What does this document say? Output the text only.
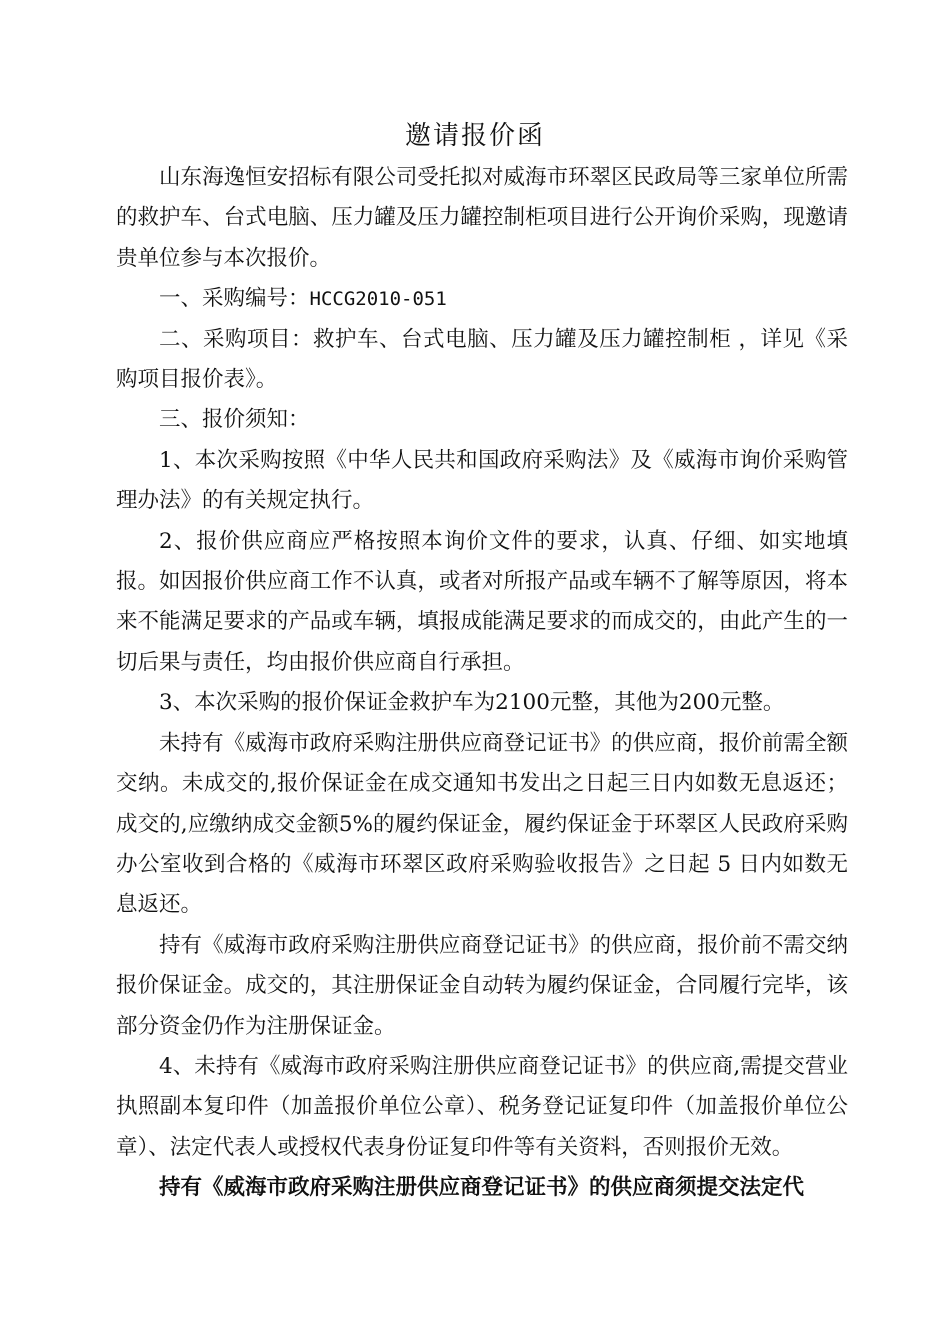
邀请报价函

山东海逸恒安招标有限公司受托拟对威海市环翠区民政局等三家单位所需的救护车、台式电脑、压力罐及压力罐控制柜项目进行公开询价采购，现邀请贵单位参与本次报价。

一、采购编号：HCCG2010-051

二、采购项目：救护车、台式电脑、压力罐及压力罐控制柜 ，详见《采购项目报价表》。

三、报价须知：

1、本次采购按照《中华人民共和国政府采购法》及《威海市询价采购管理办法》的有关规定执行。

2、报价供应商应严格按照本询价文件的要求，认真、仔细、如实地填报。如因报价供应商工作不认真，或者对所报产品或车辆不了解等原因，将本来不能满足要求的产品或车辆，填报成能满足要求的而成交的，由此产生的一切后果与责任，均由报价供应商自行承担。

3、本次采购的报价保证金救护车为2100元整，其他为200元整。

未持有《威海市政府采购注册供应商登记证书》的供应商，报价前需全额交纳。未成交的,报价保证金在成交通知书发出之日起三日内如数无息返还；成交的,应缴纳成交金额5%的履约保证金，履约保证金于环翠区人民政府采购办公室收到合格的《威海市环翠区政府采购验收报告》之日起 5 日内如数无息返还。

持有《威海市政府采购注册供应商登记证书》的供应商，报价前不需交纳报价保证金。成交的，其注册保证金自动转为履约保证金，合同履行完毕，该部分资金仍作为注册保证金。

4、未持有《威海市政府采购注册供应商登记证书》的供应商,需提交营业执照副本复印件（加盖报价单位公章）、税务登记证复印件（加盖报价单位公章）、法定代表人或授权代表身份证复印件等有关资料，否则报价无效。

持有《威海市政府采购注册供应商登记证书》的供应商须提交法定代
